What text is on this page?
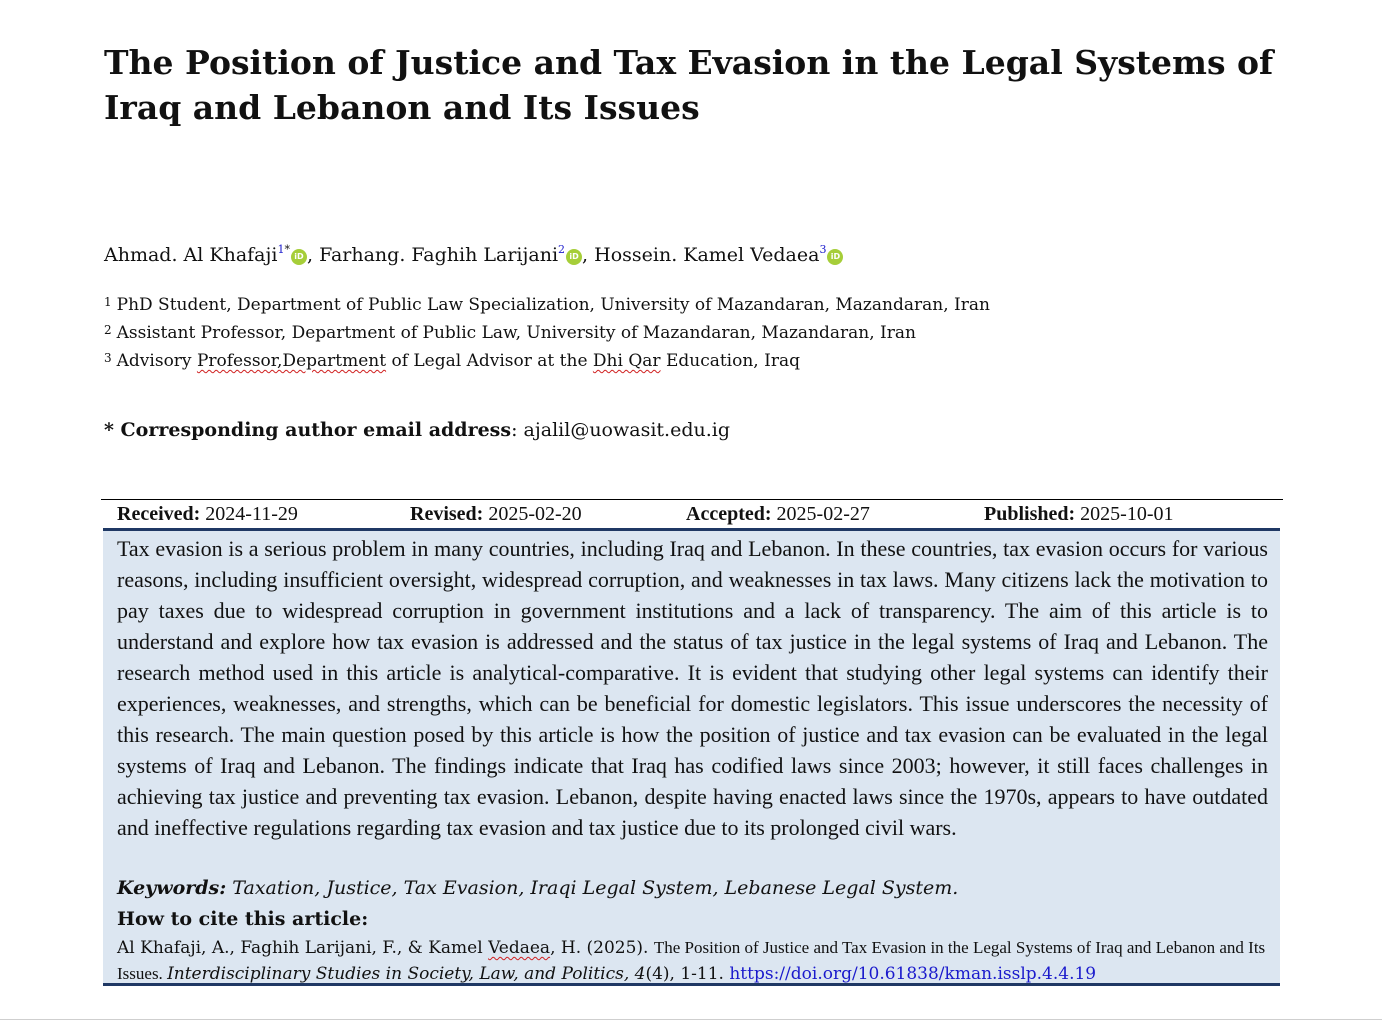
The Position of Justice and Tax Evasion in the Legal Systems of Iraq and Lebanon and Its Issues
Ahmad. Al Khafaji$^{1*}$iD , Farhang. Faghih Larijani$^2$iD , Hossein. Kamel Vedaea$^3$iD
$^1$ PhD Student, Department of Public Law Specialization, University of Mazandaran, Mazandaran, Iran
$^2$ Assistant Professor, Department of Public Law, University of Mazandaran, Mazandaran, Iran
$^3$ Advisory Professor,Department of Legal Advisor at the Dhi Qar Education, Iraq
* Corresponding author email address: ajalil@uowasit.edu.ig
Received: 2024-11-29	Revised: 2025-02-20	Accepted: 2025-02-27	Published: 2025-10-01

Tax evasion is a serious problem in many countries, including Iraq and Lebanon. In these countries, tax evasion occurs for various reasons, including insufficient oversight, widespread corruption, and weaknesses in tax laws. Many citizens lack the motivation to pay taxes due to widespread corruption in government institutions and a lack of transparency. The aim of this article is to understand and explore how tax evasion is addressed and the status of tax justice in the legal systems of Iraq and Lebanon. The research method used in this article is analytical-comparative. It is evident that studying other legal systems can identify their experiences, weaknesses, and strengths, which can be beneficial for domestic legislators. This issue underscores the necessity of this research. The main question posed by this article is how the position of justice and tax evasion can be evaluated in the legal systems of Iraq and Lebanon. The findings indicate that Iraq has codified laws since 2003; however, it still faces challenges in achieving tax justice and preventing tax evasion. Lebanon, despite having enacted laws since the 1970s, appears to have outdated and ineffective regulations regarding tax evasion and tax justice due to its prolonged civil wars.

Keywords: Taxation, Justice, Tax Evasion, Iraqi Legal System, Lebanese Legal System.
How to cite this article:
Al Khafaji, A., Faghih Larijani, F., & Kamel Vedaea, H. (2025). The Position of Justice and Tax Evasion in the Legal Systems of Iraq and Lebanon and Its Issues. Interdisciplinary Studies in Society, Law, and Politics, 4(4), 1-11. https://doi.org/10.61838/kman.isslp.4.4.19
